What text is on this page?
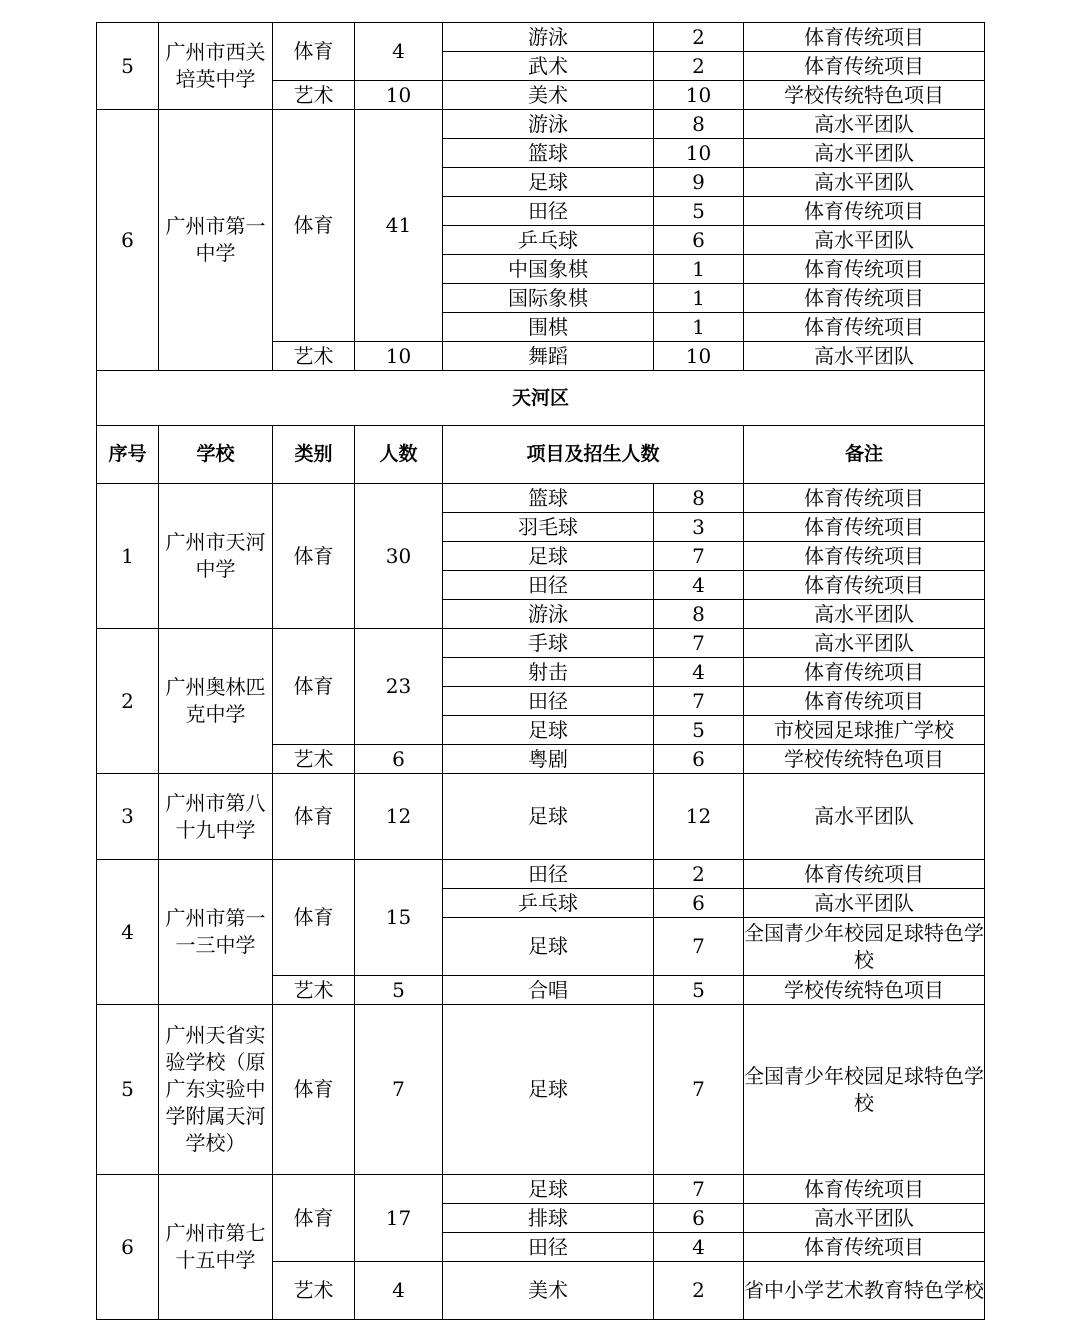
5	广州市西关培英中学	体育	4	游泳	2	体育传统项目
				武术	2	体育传统项目
		艺术	10	美术	10	学校传统特色项目
6	广州市第一中学	体育	41	游泳	8	高水平团队
				篮球	10	高水平团队
				足球	9	高水平团队
				田径	5	体育传统项目
				乒乓球	6	高水平团队
				中国象棋	1	体育传统项目
				国际象棋	1	体育传统项目
				围棋	1	体育传统项目
		艺术	10	舞蹈	10	高水平团队
天河区						
序号	学校	类别	人数	项目及招生人数		备注
1	广州市天河中学	体育	30	篮球	8	体育传统项目
				羽毛球	3	体育传统项目
				足球	7	体育传统项目
				田径	4	体育传统项目
				游泳	8	高水平团队
2	广州奥林匹克中学	体育	23	手球	7	高水平团队
				射击	4	体育传统项目
				田径	7	体育传统项目
				足球	5	市校园足球推广学校
		艺术	6	粤剧	6	学校传统特色项目
3	广州市第八十九中学	体育	12	足球	12	高水平团队
4	广州市第一一三中学	体育	15	田径	2	体育传统项目
				乒乓球	6	高水平团队
				足球	7	全国青少年校园足球特色学校
		艺术	5	合唱	5	学校传统特色项目
5	广州天省实验学校（原广东实验中学附属天河学校）	体育	7	足球	7	全国青少年校园足球特色学校
6	广州市第七十五中学	体育	17	足球	7	体育传统项目
				排球	6	高水平团队
				田径	4	体育传统项目
		艺术	4	美术	2	省中小学艺术教育特色学校
